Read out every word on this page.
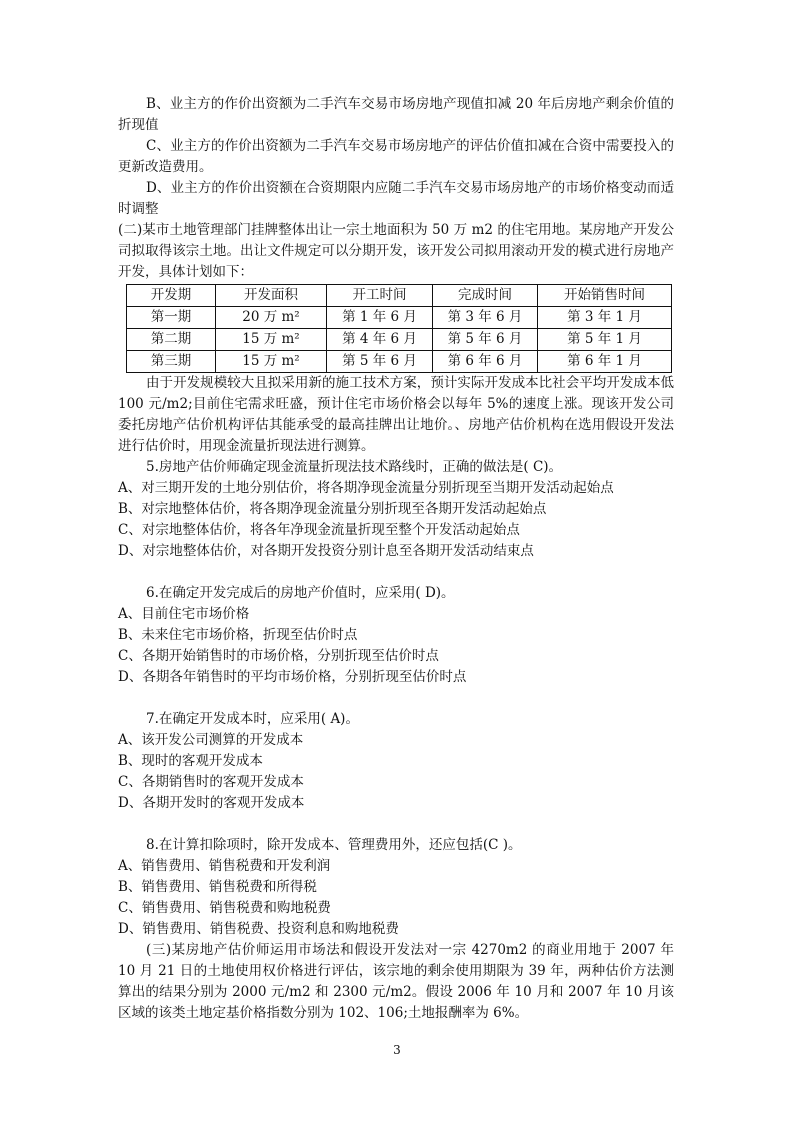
B、业主方的作价出资额为二手汽车交易市场房地产现值扣减 20 年后房地产剩余价值的折现值

C、业主方的作价出资额为二手汽车交易市场房地产的评估价值扣减在合资中需要投入的更新改造费用。

D、业主方的作价出资额在合资期限内应随二手汽车交易市场房地产的市场价格变动而适时调整

(二)某市土地管理部门挂牌整体出让一宗土地面积为 50 万 m2 的住宅用地。某房地产开发公司拟取得该宗土地。出让文件规定可以分期开发，该开发公司拟用滚动开发的模式进行房地产开发，具体计划如下：

开发期	开发面积	开工时间	完成时间	开始销售时间
第一期	20 万 m²	第 1 年 6 月	第 3 年 6 月	第 3 年 1 月
第二期	15 万 m²	第 4 年 6 月	第 5 年 6 月	第 5 年 1 月
第三期	15 万 m²	第 5 年 6 月	第 6 年 6 月	第 6 年 1 月

由于开发规模较大且拟采用新的施工技术方案，预计实际开发成本比社会平均开发成本低 100 元/m2;目前住宅需求旺盛，预计住宅市场价格会以每年 5%的速度上涨。现该开发公司委托房地产估价机构评估其能承受的最高挂牌出让地价。、房地产估价机构在选用假设开发法进行估价时，用现金流量折现法进行测算。

5.房地产估价师确定现金流量折现法技术路线时，正确的做法是( C)。

A、对三期开发的土地分别估价，将各期净现金流量分别折现至当期开发活动起始点

B、对宗地整体估价，将各期净现金流量分别折现至各期开发活动起始点

C、对宗地整体估价，将各年净现金流量折现至整个开发活动起始点

D、对宗地整体估价，对各期开发投资分别计息至各期开发活动结束点

6.在确定开发完成后的房地产价值时，应采用( D)。

A、目前住宅市场价格

B、未来住宅市场价格，折现至估价时点

C、各期开始销售时的市场价格，分别折现至估价时点

D、各期各年销售时的平均市场价格，分别折现至估价时点

7.在确定开发成本时，应采用( A)。

A、该开发公司测算的开发成本

B、现时的客观开发成本

C、各期销售时的客观开发成本

D、各期开发时的客观开发成本

8.在计算扣除项时，除开发成本、管理费用外，还应包括(C )。

A、销售费用、销售税费和开发利润

B、销售费用、销售税费和所得税

C、销售费用、销售税费和购地税费

D、销售费用、销售税费、投资利息和购地税费

(三)某房地产估价师运用市场法和假设开发法对一宗 4270m2 的商业用地于 2007 年 10 月 21 日的土地使用权价格进行评估，该宗地的剩余使用期限为 39 年，两种估价方法测算出的结果分别为 2000 元/m2 和 2300 元/m2。假设 2006 年 10 月和 2007 年 10 月该区域的该类土地定基价格指数分别为 102、106;土地报酬率为 6%。

3
